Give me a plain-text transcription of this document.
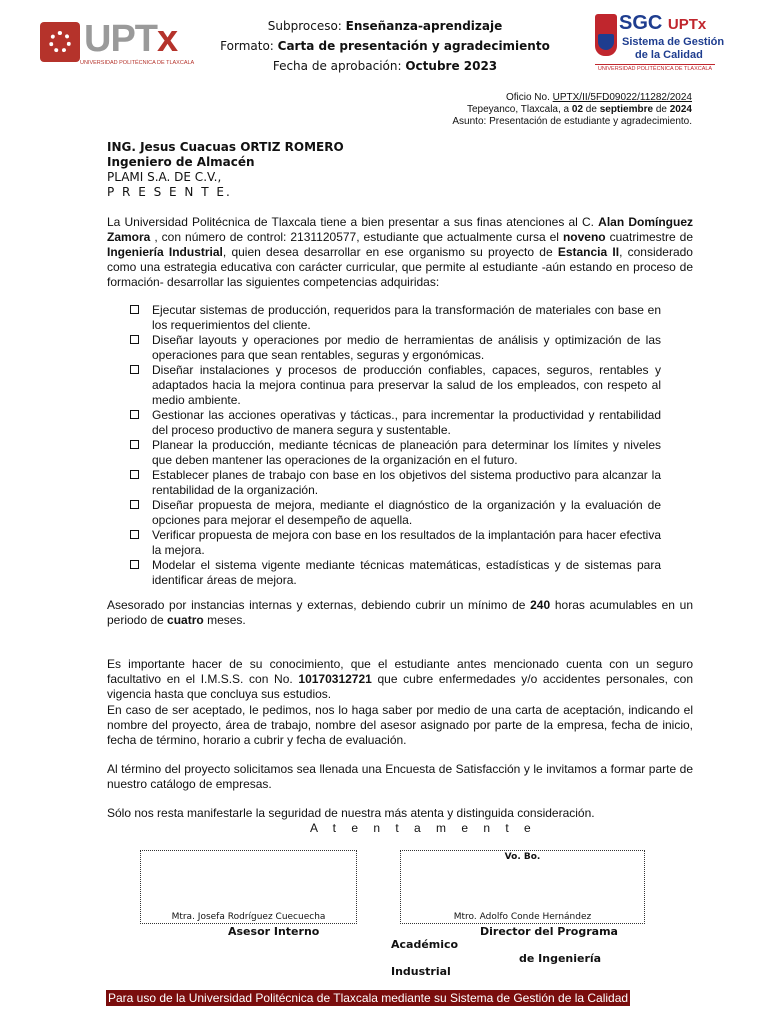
UPTx
UNIVERSIDAD POLITÉCNICA DE TLAXCALA
Subproceso: Enseñanza-aprendizaje
Formato: Carta de presentación y agradecimiento
Fecha de aprobación: Octubre 2023
SGC UPTx
Sistema de Gestión
de la Calidad
UNIVERSIDAD POLITÉCNICA DE TLAXCALA
Oficio No. UPTX/II/5FD09022/11282/2024
Tepeyanco, Tlaxcala, a 02 de septiembre de 2024
Asunto: Presentación de estudiante y agradecimiento.
ING. Jesus Cuacuas ORTIZ ROMERO
Ingeniero de Almacén
PLAMI S.A. DE C.V.,
P R E S E N T E.
La Universidad Politécnica de Tlaxcala tiene a bien presentar a sus finas atenciones al C. Alan Domínguez Zamora , con número de control: 2131120577, estudiante que actualmente cursa el noveno cuatrimestre de Ingeniería Industrial, quien desea desarrollar en ese organismo su proyecto de Estancia II, considerado como una estrategia educativa con carácter curricular, que permite al estudiante -aún estando en proceso de formación- desarrollar las siguientes competencias adquiridas:
Ejecutar sistemas de producción, requeridos para la transformación de materiales con base en los requerimientos del cliente.
Diseñar layouts y operaciones por medio de herramientas de análisis y optimización de las operaciones para que sean rentables, seguras y ergonómicas.
Diseñar instalaciones y procesos de producción confiables, capaces, seguros, rentables y adaptados hacia la mejora continua para preservar la salud de los empleados, con respeto al medio ambiente.
Gestionar las acciones operativas y tácticas., para incrementar la productividad y rentabilidad del proceso productivo de manera segura y sustentable.
Planear la producción, mediante técnicas de planeación para determinar los límites y niveles que deben mantener las operaciones de la organización en el futuro.
Establecer planes de trabajo con base en los objetivos del sistema productivo para alcanzar la rentabilidad de la organización.
Diseñar propuesta de mejora, mediante el diagnóstico de la organización y la evaluación de opciones para mejorar el desempeño de aquella.
Verificar propuesta de mejora con base en los resultados de la implantación para hacer efectiva la mejora.
Modelar el sistema vigente mediante técnicas matemáticas, estadísticas y de sistemas para identificar áreas de mejora.
Asesorado por instancias internas y externas, debiendo cubrir un mínimo de 240 horas acumulables en un periodo de cuatro meses.
Es importante hacer de su conocimiento, que el estudiante antes mencionado cuenta con un seguro facultativo en el I.M.S.S. con No. 10170312721 que cubre enfermedades y/o accidentes personales, con vigencia hasta que concluya sus estudios.
En caso de ser aceptado, le pedimos, nos lo haga saber por medio de una carta de aceptación, indicando el nombre del proyecto, área de trabajo, nombre del asesor asignado por parte de la empresa, fecha de inicio, fecha de término, horario a cubrir y fecha de evaluación.
Al término del proyecto solicitamos sea llenada una Encuesta de Satisfacción y le invitamos a formar parte de nuestro catálogo de empresas.
Sólo nos resta manifestarle la seguridad de nuestra más atenta y distinguida consideración.
A t e n t a m e n t e
Mtra. Josefa Rodríguez Cuecuecha
Vo. Bo.
Mtro. Adolfo Conde Hernández
Asesor Interno	Director del Programa
Académico
de Ingeniería
Industrial
Para uso de la Universidad Politécnica de Tlaxcala mediante su Sistema de Gestión de la Calidad
